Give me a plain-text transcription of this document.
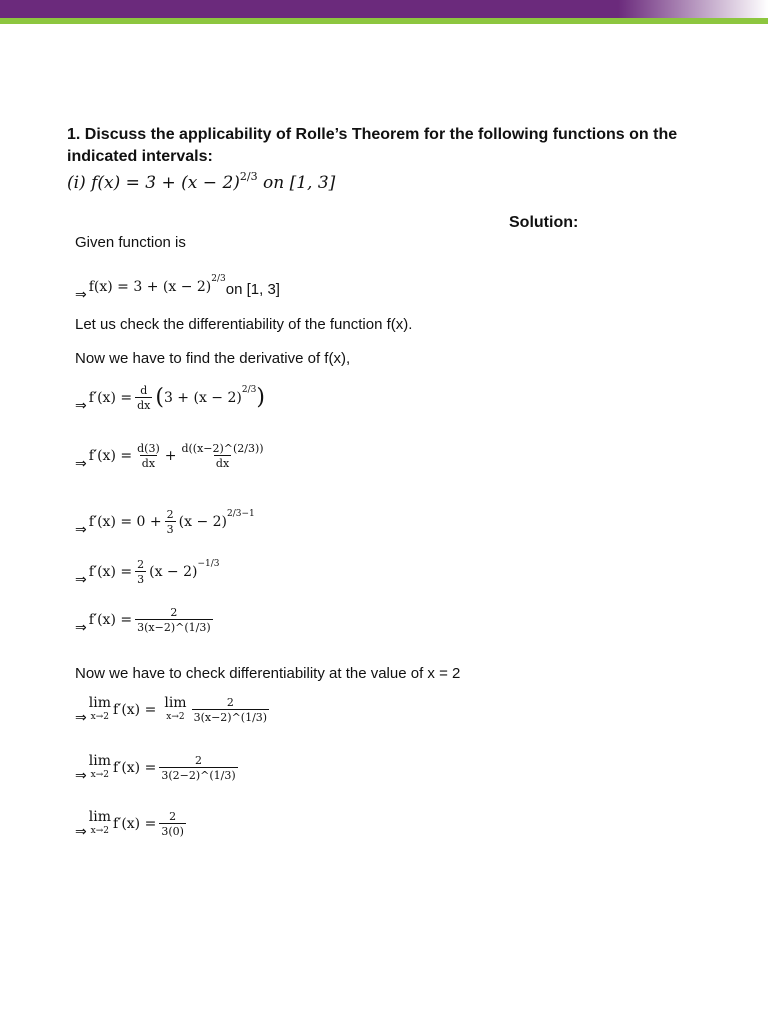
1. Discuss the applicability of Rolle’s Theorem for the following functions on the
indicated intervals:
(i) $f(x) = 3 + (x - 2)^{2/3}$ on [1, 3]
Solution:
Given function is
⇒ f(x) = 3 + (x − 2) 2/3
on [1, 3]
Let us check the differentiability of the function f(x).
Now we have to find the derivative of f(x),
⇒ $f'(x) = \frac{d}{dx}$ ( 3 + (x − 2) 2/3 )
⇒ $f'(x) = \frac{d(3)}{dx} + \frac{d((x-2)\^{}(2/3))}{dx}$
⇒ $f'(x) = 0 + \frac{2}{3} (x - 2)$ 2/3−1
⇒ $f'(x) = \frac{2}{3} (x - 2) -1/3$
⇒ $f'(x) = \frac{2}{3(x-2)\^{}(1/3)}$
Now we have to check differentiability at the value of x = 2
⇒
lim
x→2 f′(x) = lim
$x\to 2 \frac{2}{3(x-2)\^{}(1/3)}$
⇒
lim
x→2 $f'(x) = \frac{2}{3(2-2)\^{}(1/3)}$
⇒
lim
x→2 $f'(x) = \frac{2}{3(0)}$
